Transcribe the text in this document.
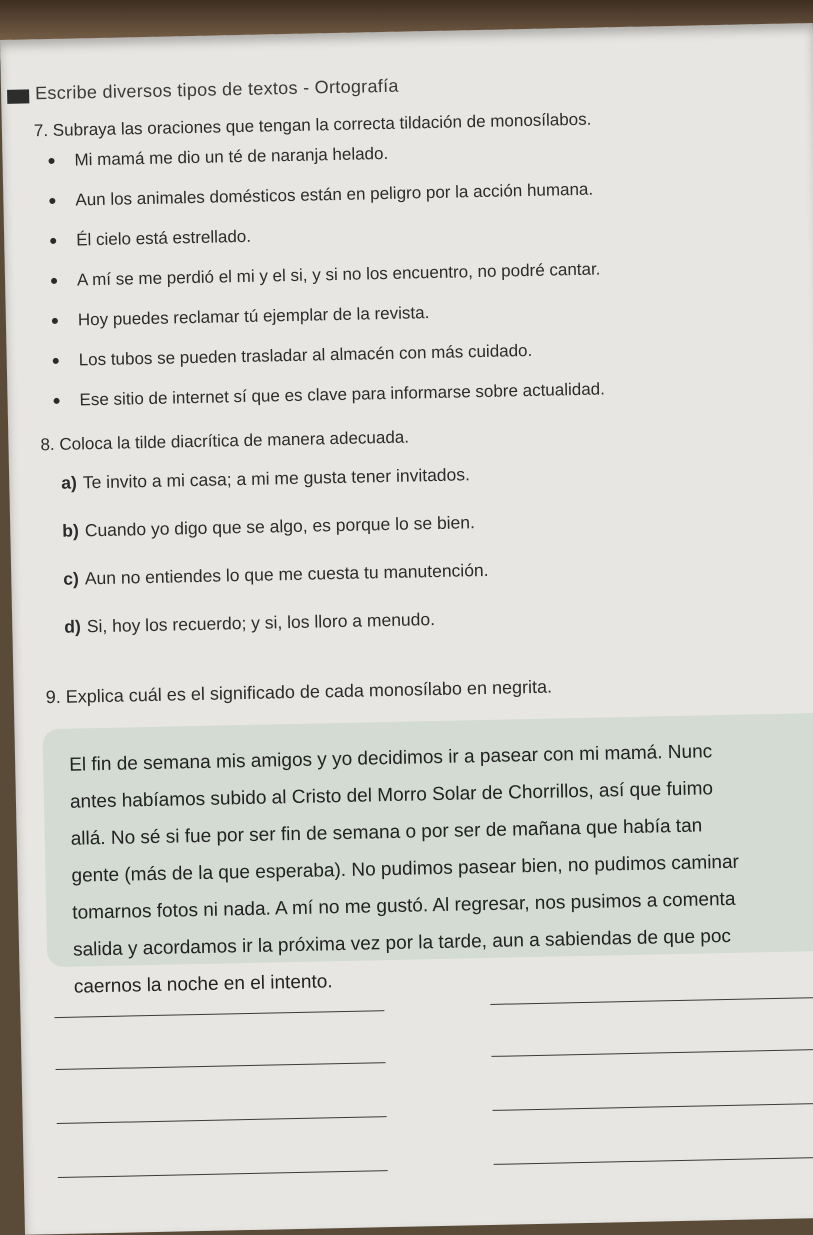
Escribe diversos tipos de textos - Ortografía
7. Subraya las oraciones que tengan la correcta tildación de monosílabos.
Mi mamá me dio un té de naranja helado.
Aun los animales domésticos están en peligro por la acción humana.
Él cielo está estrellado.
A mí se me perdió el mi y el si, y si no los encuentro, no podré cantar.
Hoy puedes reclamar tú ejemplar de la revista.
Los tubos se pueden trasladar al almacén con más cuidado.
Ese sitio de internet sí que es clave para informarse sobre actualidad.
8. Coloca la tilde diacrítica de manera adecuada.
a) Te invito a mi casa; a mi me gusta tener invitados.
b) Cuando yo digo que se algo, es porque lo se bien.
c) Aun no entiendes lo que me cuesta tu manutención.
d) Si, hoy los recuerdo; y si, los lloro a menudo.
9. Explica cuál es el significado de cada monosílabo en negrita.

El fin de semana mis amigos y yo decidimos ir a pasear con mi mamá. Nunc
antes habíamos subido al Cristo del Morro Solar de Chorrillos, así que fuimo
allá. No sé si fue por ser fin de semana o por ser de mañana que había tan
gente (más de la que esperaba). No pudimos pasear bien, no pudimos caminar
tomarnos fotos ni nada. A mí no me gustó. Al regresar, nos pusimos a comenta
salida y acordamos ir la próxima vez por la tarde, aun a sabiendas de que poc
caernos la noche en el intento.
